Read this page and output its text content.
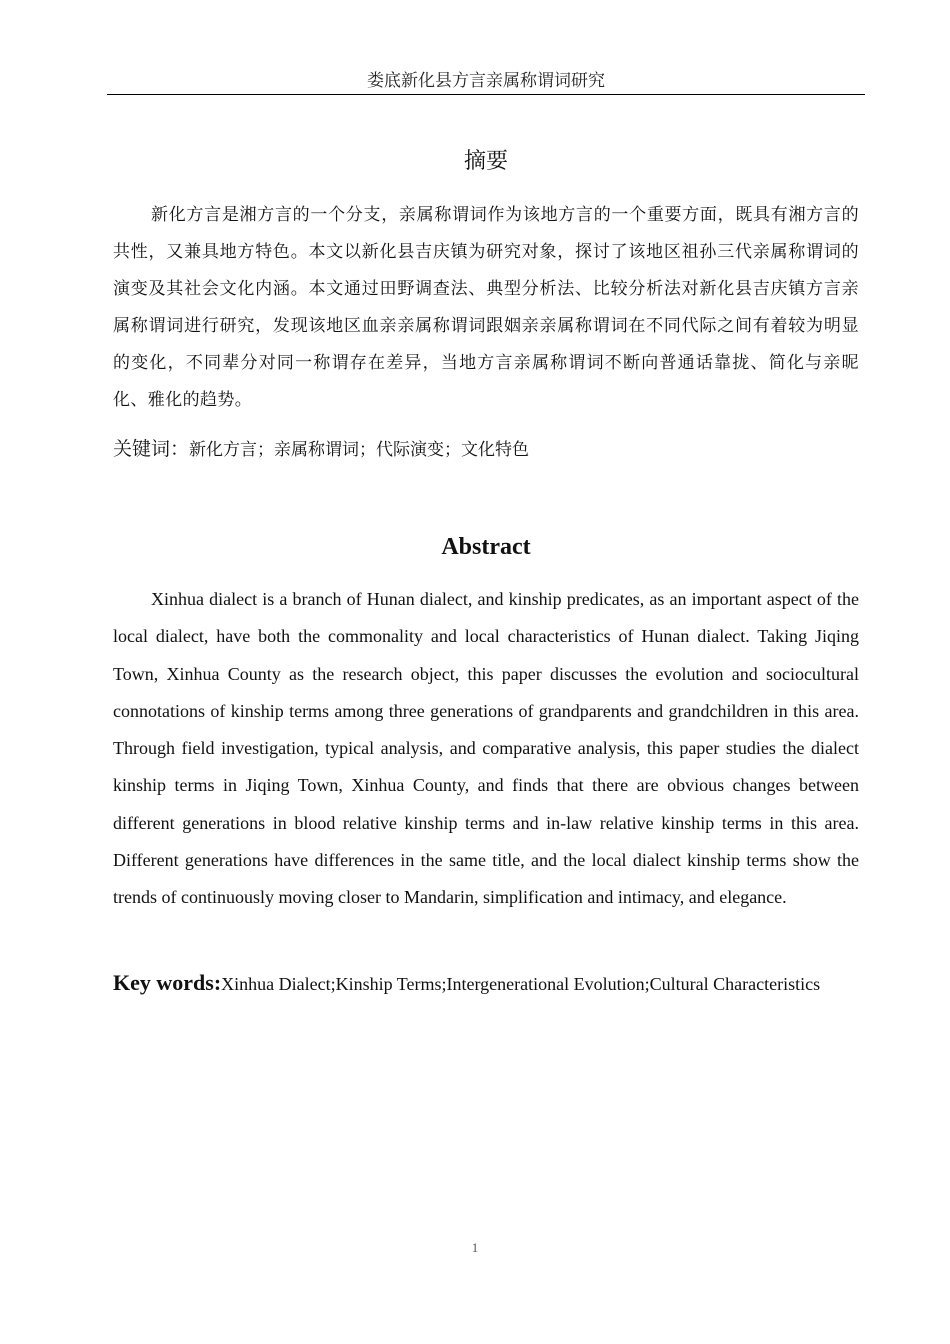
娄底新化县方言亲属称谓词研究
摘要

新化方言是湘方言的一个分支，亲属称谓词作为该地方言的一个重要方面，既具有湘方言的共性，又兼具地方特色。本文以新化县吉庆镇为研究对象，探讨了该地区祖孙三代亲属称谓词的演变及其社会文化内涵。本文通过田野调查法、典型分析法、比较分析法对新化县吉庆镇方言亲属称谓词进行研究，发现该地区血亲亲属称谓词跟姻亲亲属称谓词在不同代际之间有着较为明显的变化，不同辈分对同一称谓存在差异，当地方言亲属称谓词不断向普通话靠拢、简化与亲昵化、雅化的趋势。

关键词：新化方言；亲属称谓词；代际演变；文化特色
Abstract

Xinhua dialect is a branch of Hunan dialect, and kinship predicates, as an important aspect of the local dialect, have both the commonality and local characteristics of Hunan dialect. Taking Jiqing Town, Xinhua County as the research object, this paper discusses the evolution and sociocultural connotations of kinship terms among three generations of grandparents and grandchildren in this area. Through field investigation, typical analysis, and comparative analysis, this paper studies the dialect kinship terms in Jiqing Town, Xinhua County, and finds that there are obvious changes between different generations in blood relative kinship terms and in-law relative kinship terms in this area. Different generations have differences in the same title, and the local dialect kinship terms show the trends of continuously moving closer to Mandarin, simplification and intimacy, and elegance.

Key words:Xinhua Dialect;Kinship Terms;Intergenerational Evolution;Cultural Characteristics
1
